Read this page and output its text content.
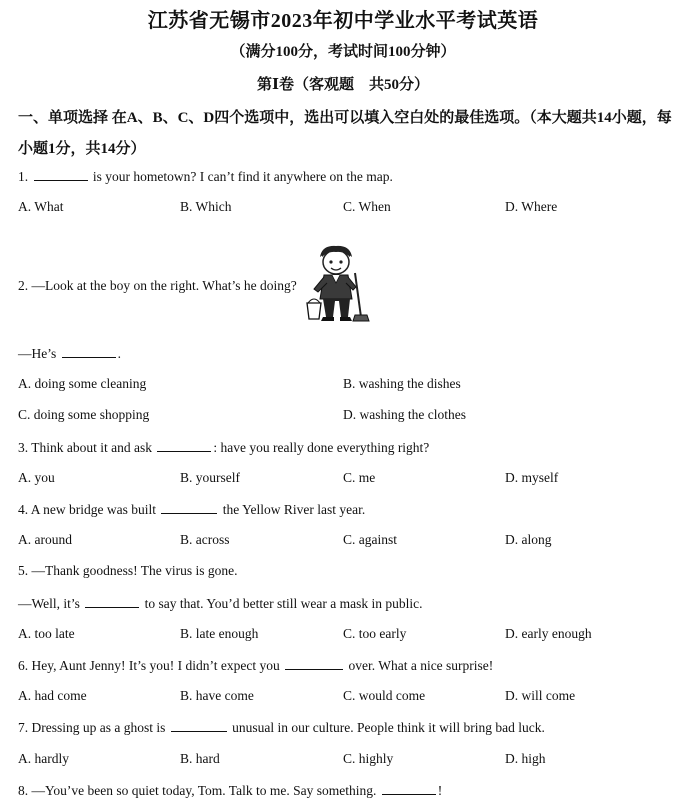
江苏省无锡市2023年初中学业水平考试英语
（满分100分，考试时间100分钟）
第Ⅰ卷（客观题　共50分）
一、单项选择 在A、B、C、D四个选项中，选出可以填入空白处的最佳选项。（本大题共14小题，每小题1分，共14分）
1.	is your hometown? I can’t find it anywhere on the map.
A. What	B. Which	C. When	D. Where
2. —Look at the boy on the right. What’s he doing?
—He’s	.
A. doing some cleaning	B. washing the dishes
C. doing some shopping	D. washing the clothes
3. Think about it and ask	: have you really done everything right?
A. you	B. yourself	C. me	D. myself
4. A new bridge was built	the Yellow River last year.
A. around	B. across	C. against	D. along
5. —Thank goodness! The virus is gone.
—Well, it’s	to say that. You’d better still wear a mask in public.
A. too late	B. late enough	C. too early	D. early enough
6. Hey, Aunt Jenny! It’s you! I didn’t expect you	over. What a nice surprise!
A. had come	B. have come	C. would come	D. will come
7. Dressing up as a ghost is	unusual in our culture. People think it will bring bad luck.
A. hardly	B. hard	C. highly	D. high
8. —You’ve been so quiet today, Tom. Talk to me. Say something.	!
